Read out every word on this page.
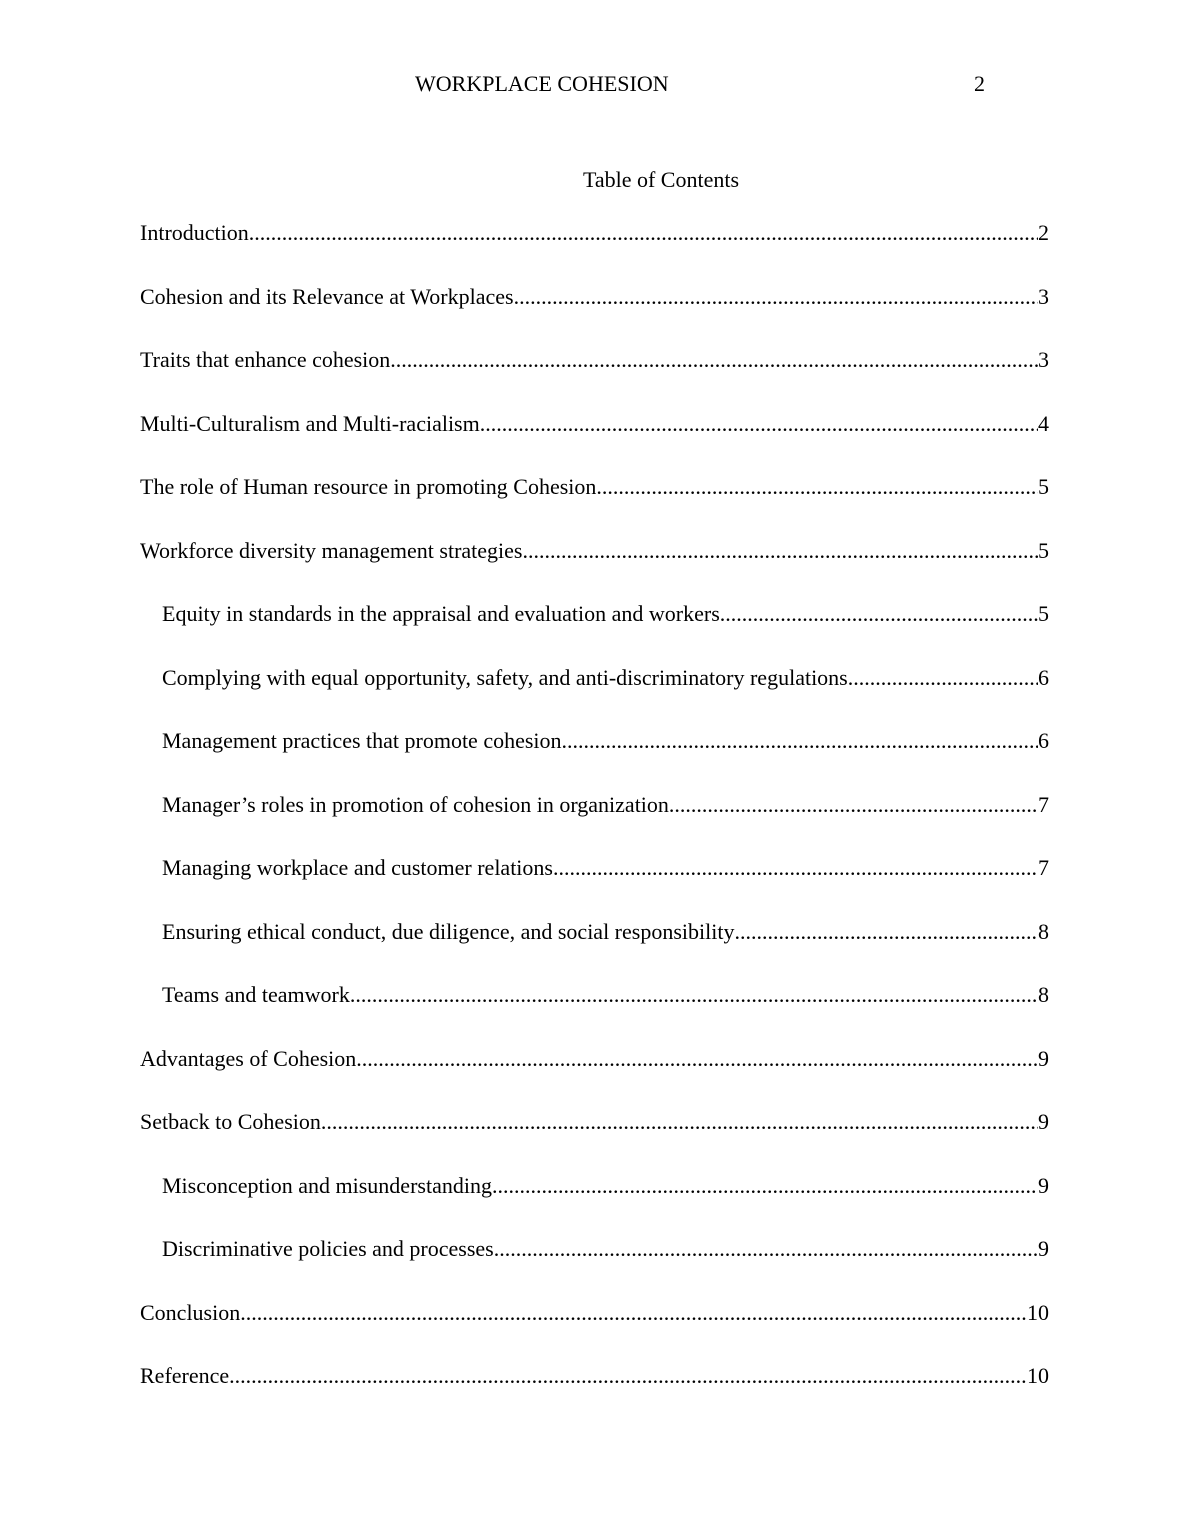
WORKPLACE COHESION	2
Table of Contents
Introduction .....	2
Cohesion and its Relevance at Workplaces .....	3
Traits that enhance cohesion .....	3
Multi-Culturalism and Multi-racialism .....	4
The role of Human resource in promoting Cohesion .....	5
Workforce diversity management strategies .....	5
Equity in standards in the appraisal and evaluation and workers .....	5
Complying with equal opportunity, safety, and anti-discriminatory regulations .....	6
Management practices that promote cohesion .....	6
Manager’s roles in promotion of cohesion in organization .....	7
Managing workplace and customer relations .....	7
Ensuring ethical conduct, due diligence, and social responsibility .....	8
Teams and teamwork .....	8
Advantages of Cohesion .....	9
Setback to Cohesion .....	9
Misconception and misunderstanding .....	9
Discriminative policies and processes .....	9
Conclusion .....	10
Reference .....	10
